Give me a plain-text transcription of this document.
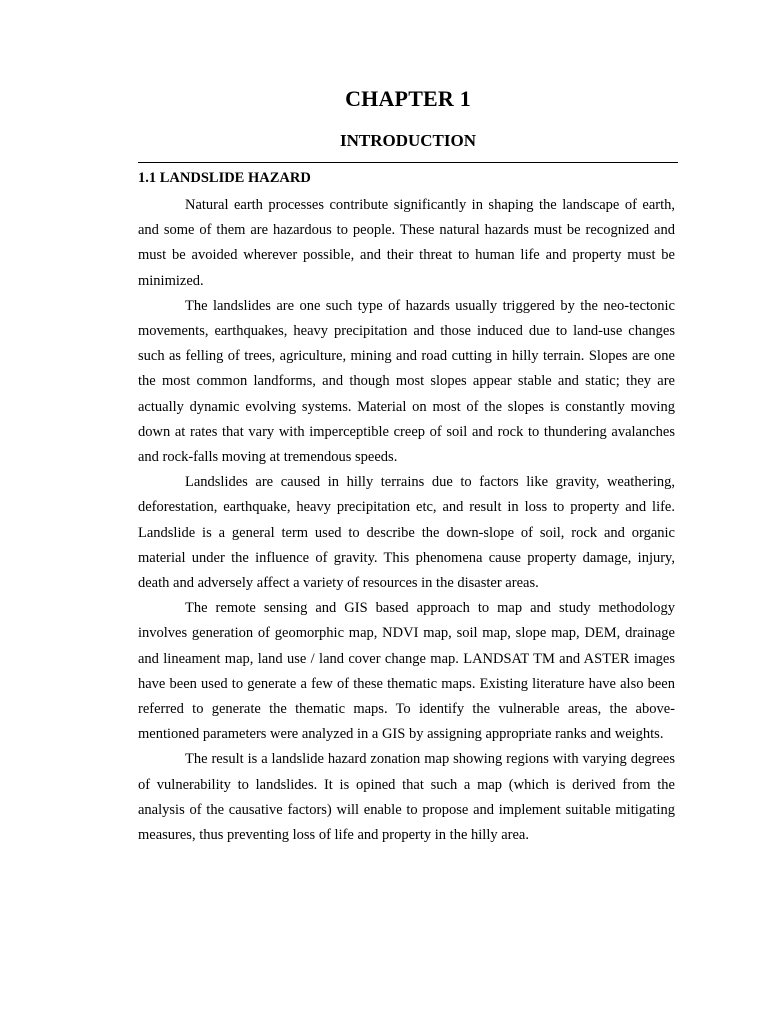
CHAPTER 1
INTRODUCTION
1.1 LANDSLIDE HAZARD

Natural earth processes contribute significantly in shaping the landscape of earth, and some of them are hazardous to people. These natural hazards must be recognized and must be avoided wherever possible, and their threat to human life and property must be minimized.

The landslides are one such type of hazards usually triggered by the neo-tectonic movements, earthquakes, heavy precipitation and those induced due to land-use changes such as felling of trees, agriculture, mining and road cutting in hilly terrain. Slopes are one the most common landforms, and though most slopes appear stable and static; they are actually dynamic evolving systems. Material on most of the slopes is constantly moving down at rates that vary with imperceptible creep of soil and rock to thundering avalanches and rock-falls moving at tremendous speeds.

Landslides are caused in hilly terrains due to factors like gravity, weathering, deforestation, earthquake, heavy precipitation etc, and result in loss to property and life. Landslide is a general term used to describe the down-slope of soil, rock and organic material under the influence of gravity. This phenomena cause property damage, injury, death and adversely affect a variety of resources in the disaster areas.

The remote sensing and GIS based approach to map and study methodology involves generation of geomorphic map, NDVI map, soil map, slope map, DEM, drainage and lineament map, land use / land cover change map. LANDSAT TM and ASTER images have been used to generate a few of these thematic maps. Existing literature have also been referred to generate the thematic maps. To identify the vulnerable areas, the above-mentioned parameters were analyzed in a GIS by assigning appropriate ranks and weights.

The result is a landslide hazard zonation map showing regions with varying degrees of vulnerability to landslides. It is opined that such a map (which is derived from the analysis of the causative factors) will enable to propose and implement suitable mitigating measures, thus preventing loss of life and property in the hilly area.
